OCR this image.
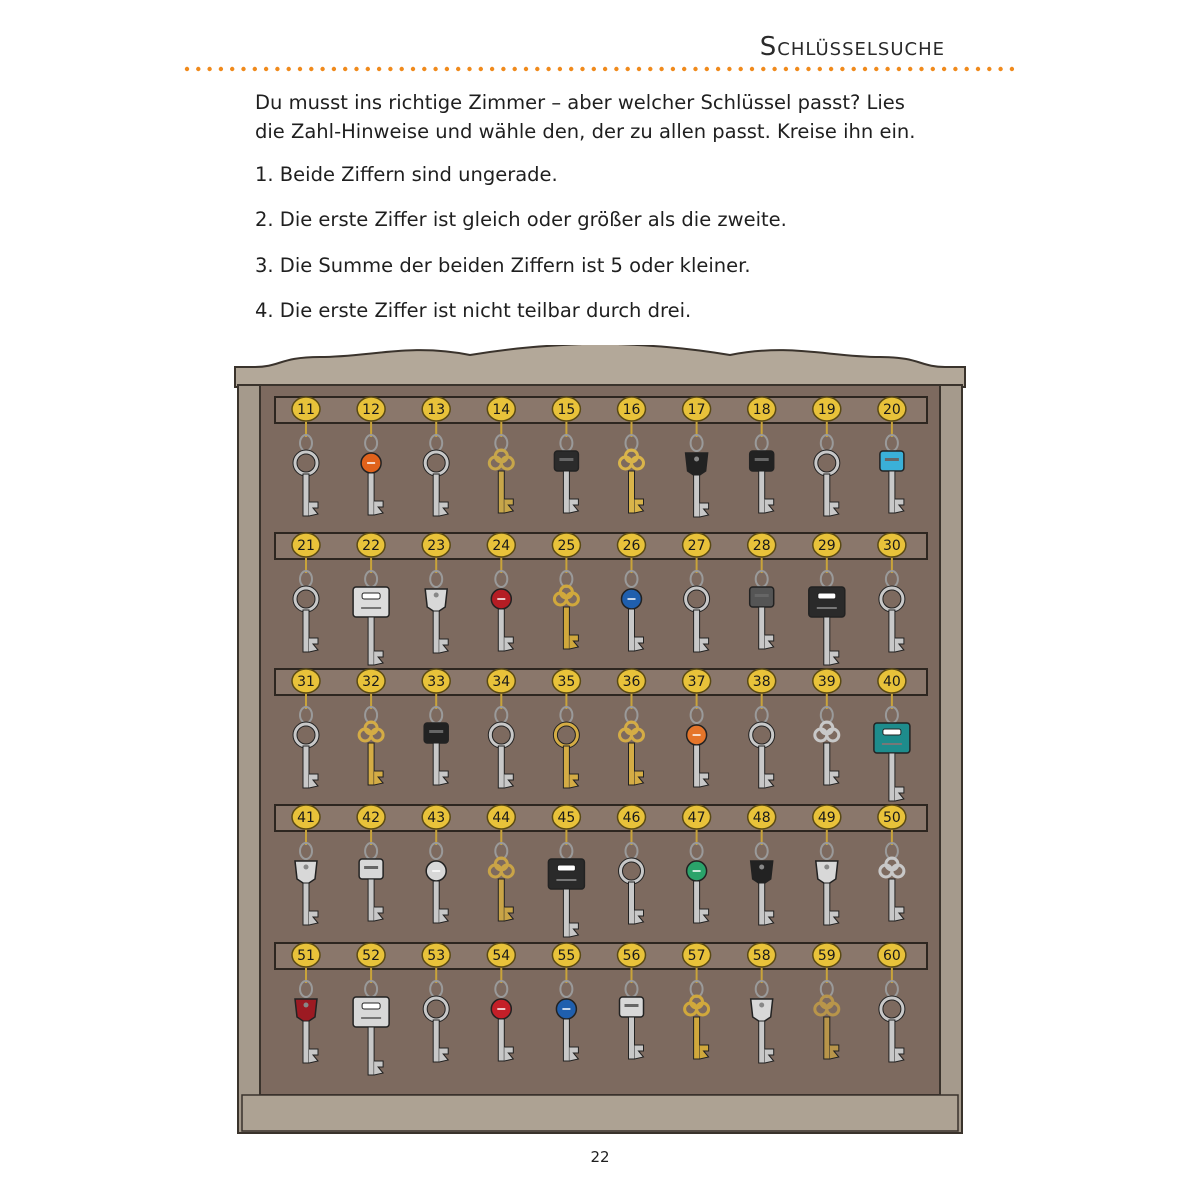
Schlüsselsuche
Du musst ins richtige Zimmer – aber welcher Schlüssel passt? Lies
die Zahl-Hinweise und wähle den, der zu allen passt. Kreise ihn ein.
1. Beide Ziffern sind ungerade.
2. Die erste Ziffer ist gleich oder größer als die zweite.
3. Die Summe der beiden Ziffern ist 5 oder kleiner.
4. Die erste Ziffer ist nicht teilbar durch drei.
11	12	13	14	15	16	17	18	19	20
21	22	23	24	25	26	27	28	29	30
31	32	33	34	35	36	37	38	39	40
41	42	43	44	45	46	47	48	49	50
51	52	53	54	55	56	57	58	59	60
22
